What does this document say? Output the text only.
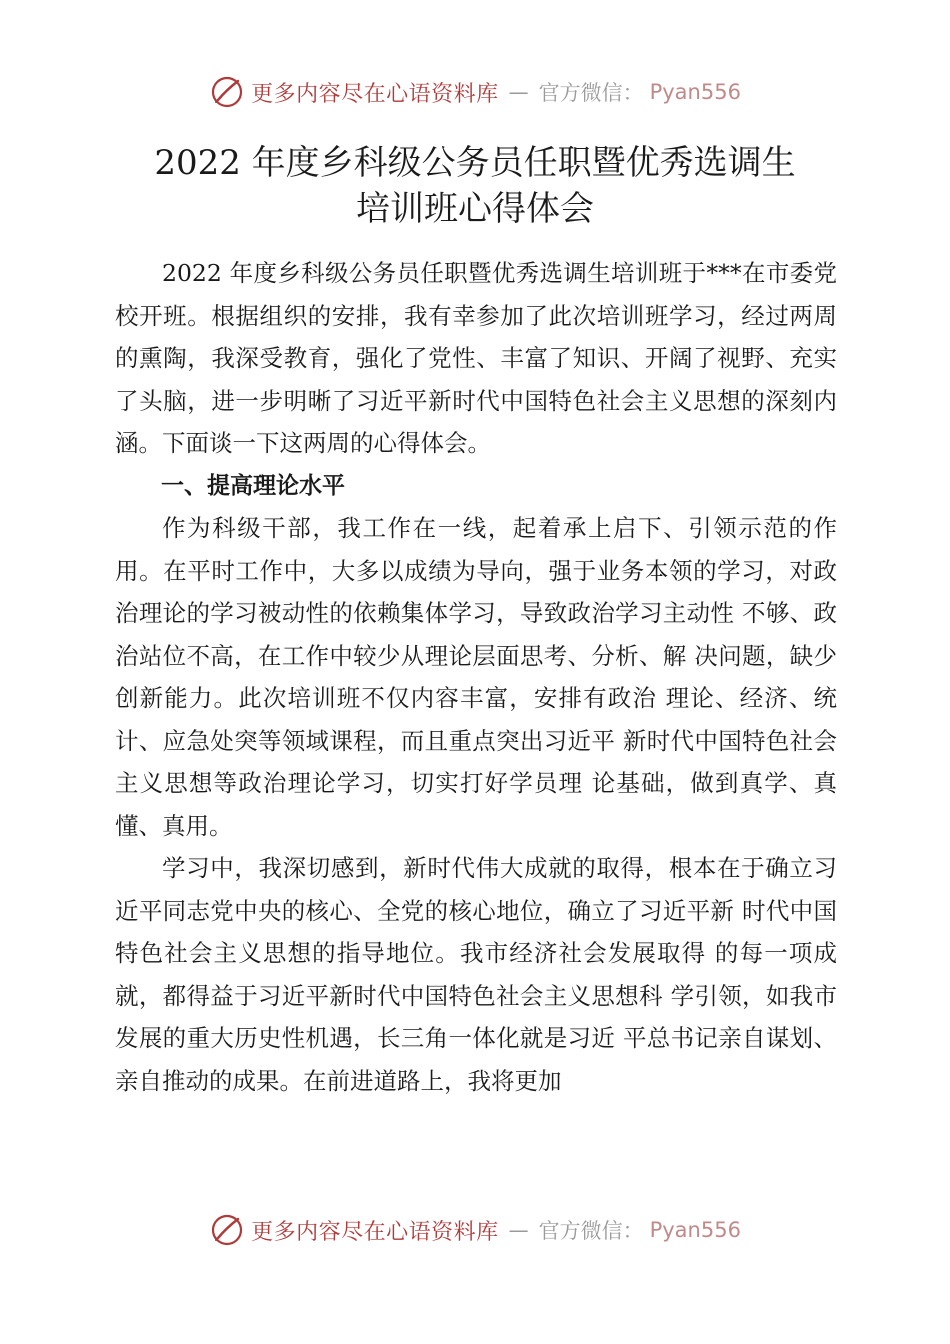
更多内容尽在心语资料库 — 官方微信： Pyan556
2022 年度乡科级公务员任职暨优秀选调生
培训班心得体会

2022 年度乡科级公务员任职暨优秀选调生培训班于***在市委党校开班。根据组织的安排，我有幸参加了此次培训班学习，经过两周的熏陶，我深受教育，强化了党性、丰富了知识、开阔了视野、充实了头脑，进一步明晰了习近平新时代中国特色社会主义思想的深刻内涵。下面谈一下这两周的心得体会。

一、提高理论水平

作为科级干部，我工作在一线，起着承上启下、引领示范的作用。在平时工作中，大多以成绩为导向，强于业务本领的学习，对政治理论的学习被动性的依赖集体学习，导致政治学习主动性 不够、政治站位不高，在工作中较少从理论层面思考、分析、解 决问题，缺少创新能力。此次培训班不仅内容丰富，安排有政治 理论、经济、统计、应急处突等领域课程，而且重点突出习近平 新时代中国特色社会主义思想等政治理论学习，切实打好学员理 论基础，做到真学、真懂、真用。

学习中，我深切感到，新时代伟大成就的取得，根本在于确立习近平同志党中央的核心、全党的核心地位，确立了习近平新 时代中国特色社会主义思想的指导地位。我市经济社会发展取得 的每一项成就，都得益于习近平新时代中国特色社会主义思想科 学引领，如我市发展的重大历史性机遇，长三角一体化就是习近 平总书记亲自谋划、亲自推动的成果。在前进道路上，我将更加

更多内容尽在心语资料库 — 官方微信： Pyan556
